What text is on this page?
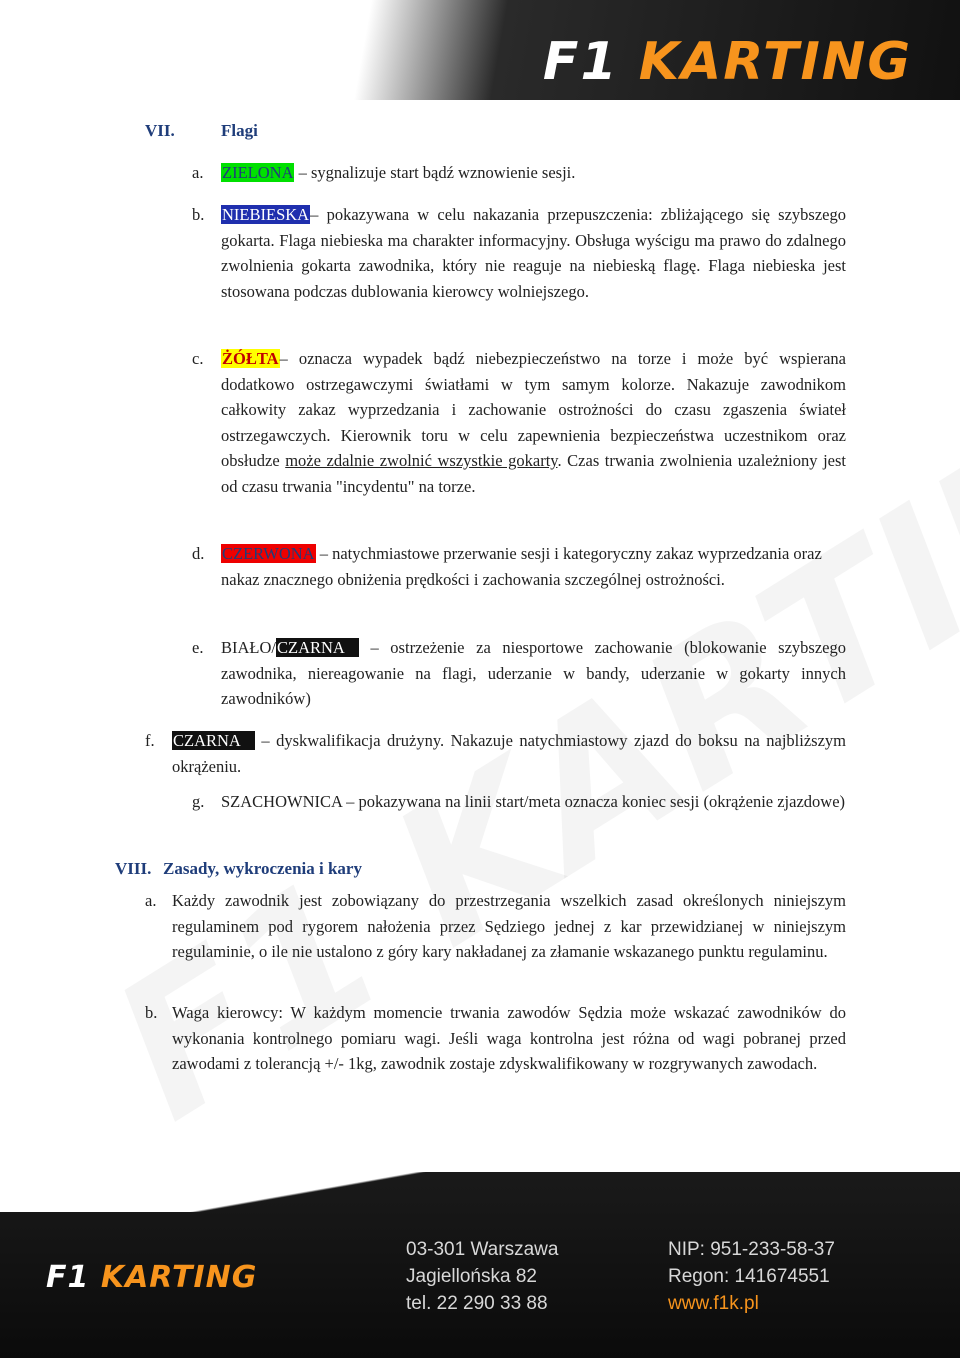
F1 KARTING
VII.	Flagi
a. ZIELONA – sygnalizuje start bądź wznowienie sesji.
b. NIEBIESKA– pokazywana w celu nakazania przepuszczenia: zbliżającego się szybszego gokarta. Flaga niebieska ma charakter informacyjny. Obsługa wyścigu ma prawo do zdalnego zwolnienia gokarta zawodnika, który nie reaguje na niebieską flagę. Flaga niebieska jest stosowana podczas dublowania kierowcy wolniejszego.
c. ŻÓŁTA– oznacza wypadek bądź niebezpieczeństwo na torze i może być wspierana dodatkowo ostrzegawczymi światłami w tym samym kolorze. Nakazuje zawodnikom całkowity zakaz wyprzedzania i zachowanie ostrożności do czasu zgaszenia świateł ostrzegawczych. Kierownik toru w celu zapewnienia bezpieczeństwa uczestnikom oraz obsłudze może zdalnie zwolnić wszystkie gokarty. Czas trwania zwolnienia uzależniony jest od czasu trwania "incydentu" na torze.
d. CZERWONA – natychmiastowe przerwanie sesji i kategoryczny zakaz wyprzedzania oraz nakaz znacznego obniżenia prędkości i zachowania szczególnej ostrożności.
e. BIAŁO/CZARNA – ostrzeżenie za niesportowe zachowanie (blokowanie szybszego zawodnika, niereagowanie na flagi, uderzanie w bandy, uderzanie w gokarty innych zawodników)
f. CZARNA – dyskwalifikacja drużyny. Nakazuje natychmiastowy zjazd do boksu na najbliższym okrążeniu.
g. SZACHOWNICA – pokazywana na linii start/meta oznacza koniec sesji (okrążenie zjazdowe)
VIII. Zasady, wykroczenia i kary
a. Każdy zawodnik jest zobowiązany do przestrzegania wszelkich zasad określonych niniejszym regulaminem pod rygorem nałożenia przez Sędziego jednej z kar przewidzianej w niniejszym regulaminie, o ile nie ustalono z góry kary nakładanej za złamanie wskazanego punktu regulaminu.
b. Waga kierowcy: W każdym momencie trwania zawodów Sędzia może wskazać zawodników do wykonania kontrolnego pomiaru wagi. Jeśli waga kontrolna jest różna od wagi pobranej przed zawodami z tolerancją +/- 1kg, zawodnik zostaje zdyskwalifikowany w rozgrywanych zawodach.
F1 KARTING
03-301 Warszawa
Jagiellońska 82
tel. 22 290 33 88
NIP: 951-233-58-37
Regon: 141674551
www.f1k.pl
